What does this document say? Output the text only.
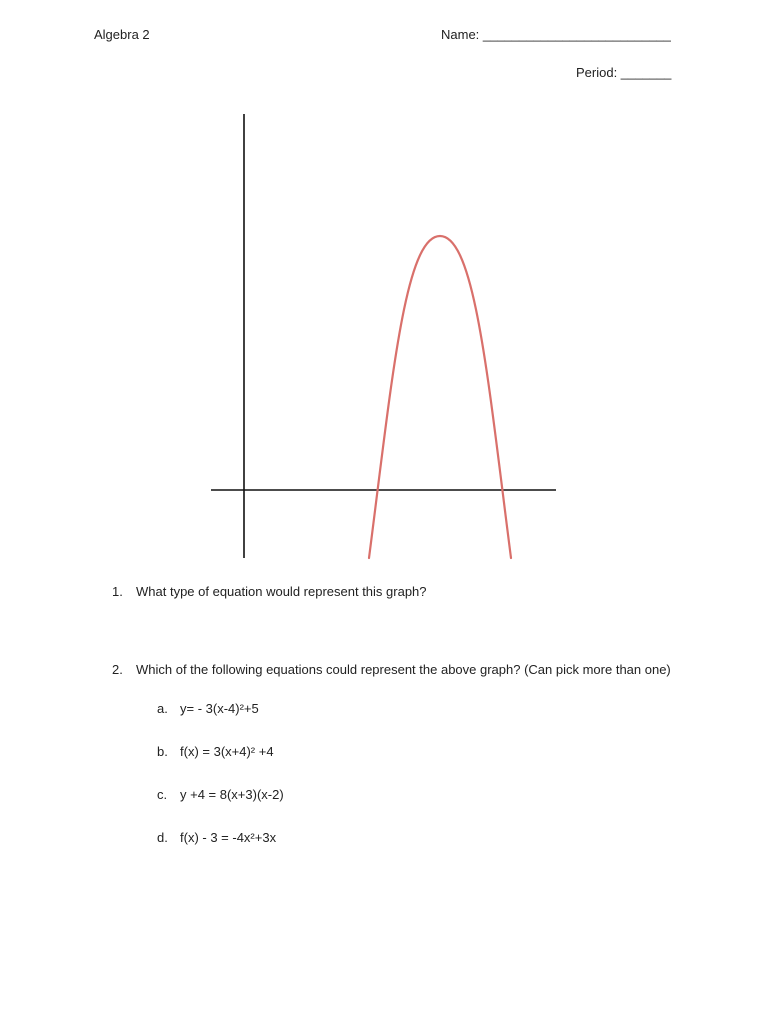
Algebra 2	Name: __________________________
Period: _______
1. What type of equation would represent this graph?
2. Which of the following equations could represent the above graph? (Can pick more than one)
a. y= - 3(x-4)²+5
b. f(x) = 3(x+4)² +4
c. y +4 = 8(x+3)(x-2)
d. f(x) - 3 = -4x²+3x
